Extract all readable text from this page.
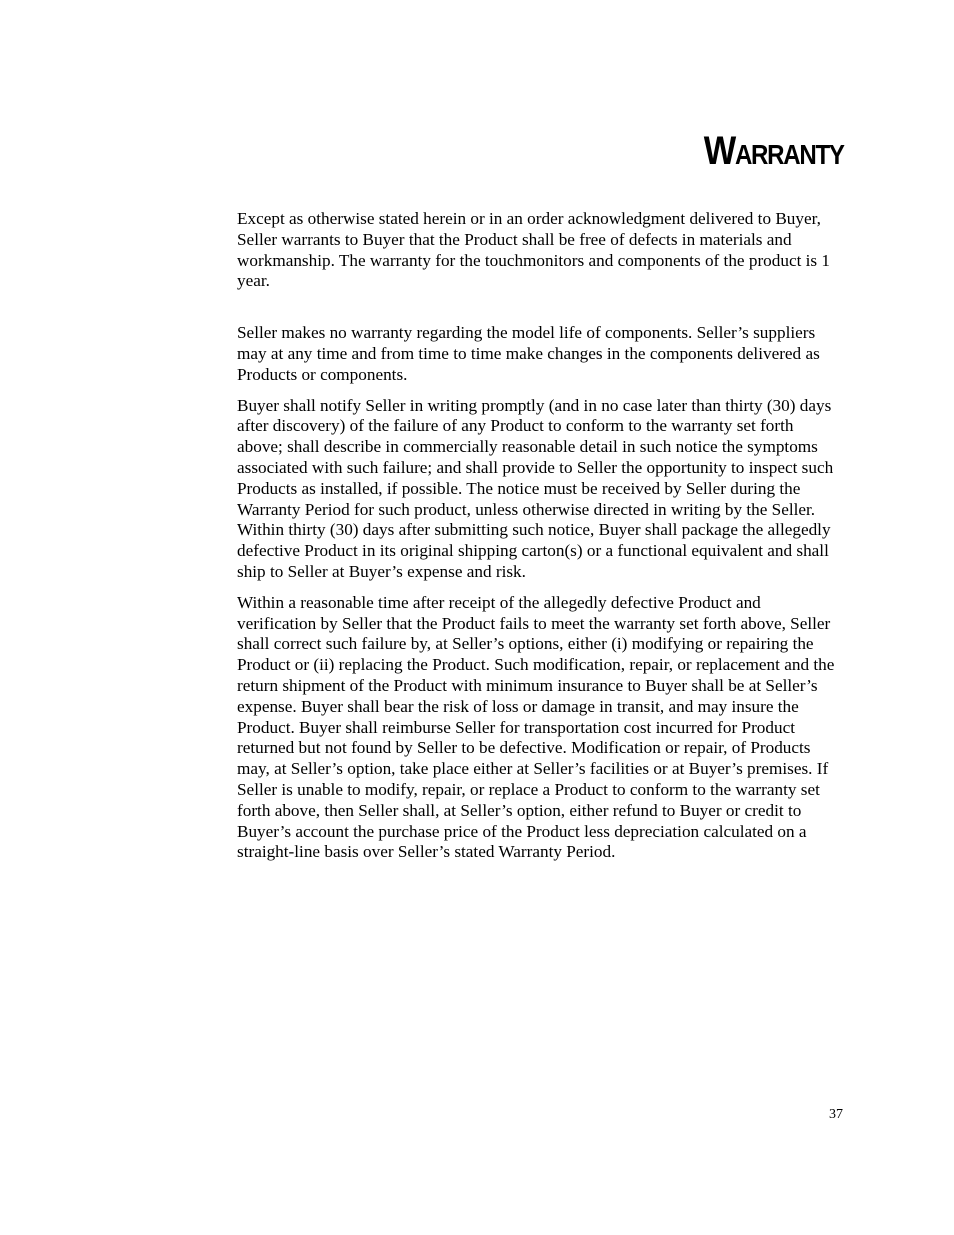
Warranty

Except as otherwise stated herein or in an order acknowledgment delivered to Buyer, Seller warrants to Buyer that the Product shall be free of defects in materials and workmanship. The warranty for the touchmonitors and components of the product is 1 year.

Seller makes no warranty regarding the model life of components. Seller’s suppliers may at any time and from time to time make changes in the components delivered as Products or components.

Buyer shall notify Seller in writing promptly (and in no case later than thirty (30) days after discovery) of the failure of any Product to conform to the warranty set forth above; shall describe in commercially reasonable detail in such notice the symptoms associated with such failure; and shall provide to Seller the opportunity to inspect such Products as installed, if possible. The notice must be received by Seller during the Warranty Period for such product, unless otherwise directed in writing by the Seller. Within thirty (30) days after submitting such notice, Buyer shall package the allegedly defective Product in its original shipping carton(s) or a functional equivalent and shall ship to Seller at Buyer’s expense and risk.

Within a reasonable time after receipt of the allegedly defective Product and verification by Seller that the Product fails to meet the warranty set forth above, Seller shall correct such failure by, at Seller’s options, either (i) modifying or repairing the Product or (ii) replacing the Product. Such modification, repair, or replacement and the return shipment of the Product with minimum insurance to Buyer shall be at Seller’s expense. Buyer shall bear the risk of loss or damage in transit, and may insure the Product. Buyer shall reimburse Seller for transportation cost incurred for Product returned but not found by Seller to be defective. Modification or repair, of Products may, at Seller’s option, take place either at Seller’s facilities or at Buyer’s premises. If Seller is unable to modify, repair, or replace a Product to conform to the warranty set forth above, then Seller shall, at Seller’s option, either refund to Buyer or credit to Buyer’s account the purchase price of the Product less depreciation calculated on a straight-line basis over Seller’s stated Warranty Period.

37
